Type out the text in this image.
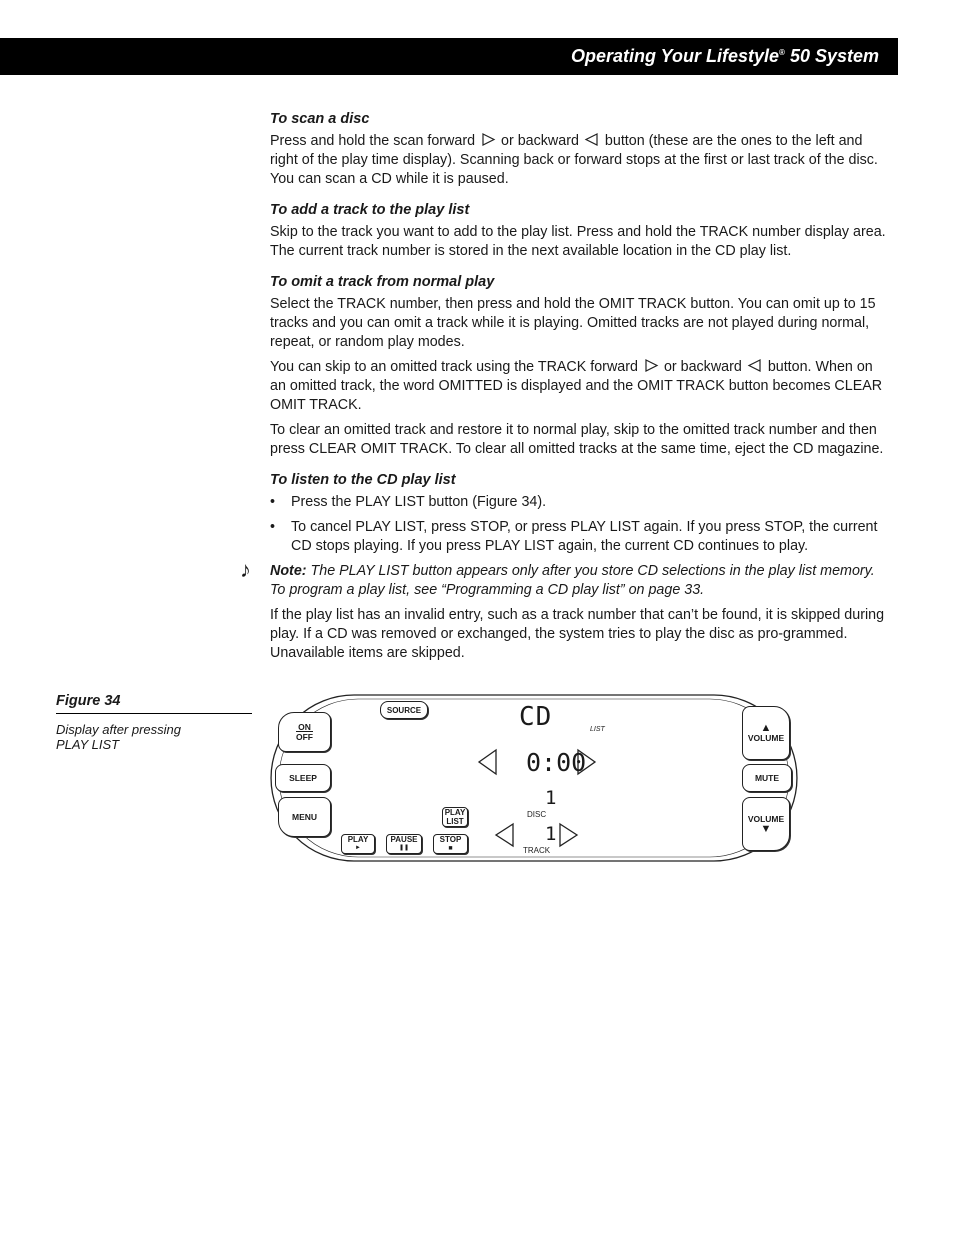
Operating Your Lifestyle® 50 System
To scan a disc

Press and hold the scan forward or backward button (these are the ones to the left and right of the play time display). Scanning back or forward stops at the first or last track of the disc. You can scan a CD while it is paused.

To add a track to the play list

Skip to the track you want to add to the play list. Press and hold the TRACK number display area. The current track number is stored in the next available location in the CD play list.

To omit a track from normal play

Select the TRACK number, then press and hold the OMIT TRACK button. You can omit up to 15 tracks and you can omit a track while it is playing. Omitted tracks are not played during normal, repeat, or random play modes.

You can skip to an omitted track using the TRACK forward or backward button. When on an omitted track, the word OMITTED is displayed and the OMIT TRACK button becomes CLEAR OMIT TRACK.

To clear an omitted track and restore it to normal play, skip to the omitted track number and then press CLEAR OMIT TRACK. To clear all omitted tracks at the same time, eject the CD magazine.

To listen to the CD play list
• Press the PLAY LIST button (Figure 34).
• To cancel PLAY LIST, press STOP, or press PLAY LIST again. If you press STOP, the current CD stops playing. If you press PLAY LIST again, the current CD continues to play.

♪ Note: The PLAY LIST button appears only after you store CD selections in the play list memory. To program a play list, see “Programming a CD play list” on page 33.

If the play list has an invalid entry, such as a track number that can’t be found, it is skipped during play. If a CD was removed or exchanged, the system tries to play the disc as pro-grammed. Unavailable items are skipped.

Figure 34
Display after pressing
PLAY LIST
SOURCE
ON
$\overline{OFF}$
SLEEP
MENU	PLAY
LIST
PLAY
►
PAUSE
❚❚
STOP
■
CD	LIST
0:00
DISC
1
TRACK
1
▲
VOLUME
MUTE
VOLUME
▼
